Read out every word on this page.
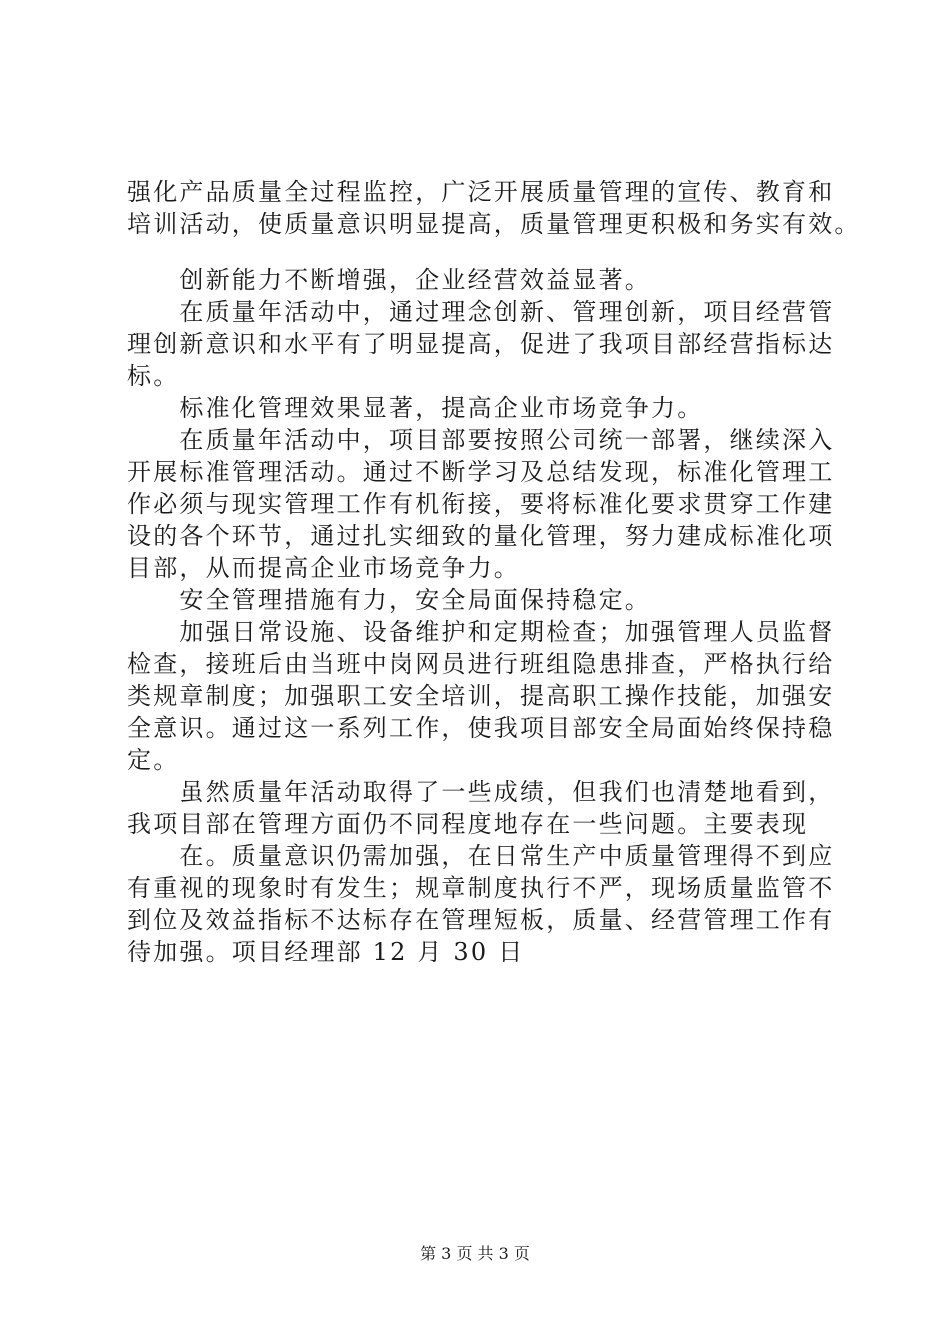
强化产品质量全过程监控，广泛开展质量管理的宣传、教育和
培训活动，使质量意识明显提高，质量管理更积极和务实有效。
　　创新能力不断增强，企业经营效益显著。
　　在质量年活动中，通过理念创新、管理创新，项目经营管
理创新意识和水平有了明显提高，促进了我项目部经营指标达
标。
　　标准化管理效果显著，提高企业市场竞争力。
　　在质量年活动中，项目部要按照公司统一部署，继续深入
开展标准管理活动。通过不断学习及总结发现，标准化管理工
作必须与现实管理工作有机衔接，要将标准化要求贯穿工作建
设的各个环节，通过扎实细致的量化管理，努力建成标准化项
目部，从而提高企业市场竞争力。
　　安全管理措施有力，安全局面保持稳定。
　　加强日常设施、设备维护和定期检查；加强管理人员监督
检查，接班后由当班中岗网员进行班组隐患排查，严格执行给
类规章制度；加强职工安全培训，提高职工操作技能，加强安
全意识。通过这一系列工作，使我项目部安全局面始终保持稳
定。
　　虽然质量年活动取得了一些成绩，但我们也清楚地看到，
我项目部在管理方面仍不同程度地存在一些问题。主要表现
　　在。质量意识仍需加强，在日常生产中质量管理得不到应
有重视的现象时有发生；规章制度执行不严，现场质量监管不
到位及效益指标不达标存在管理短板，质量、经营管理工作有
待加强。项目经理部 12 月 30 日
第 3 页 共 3 页
